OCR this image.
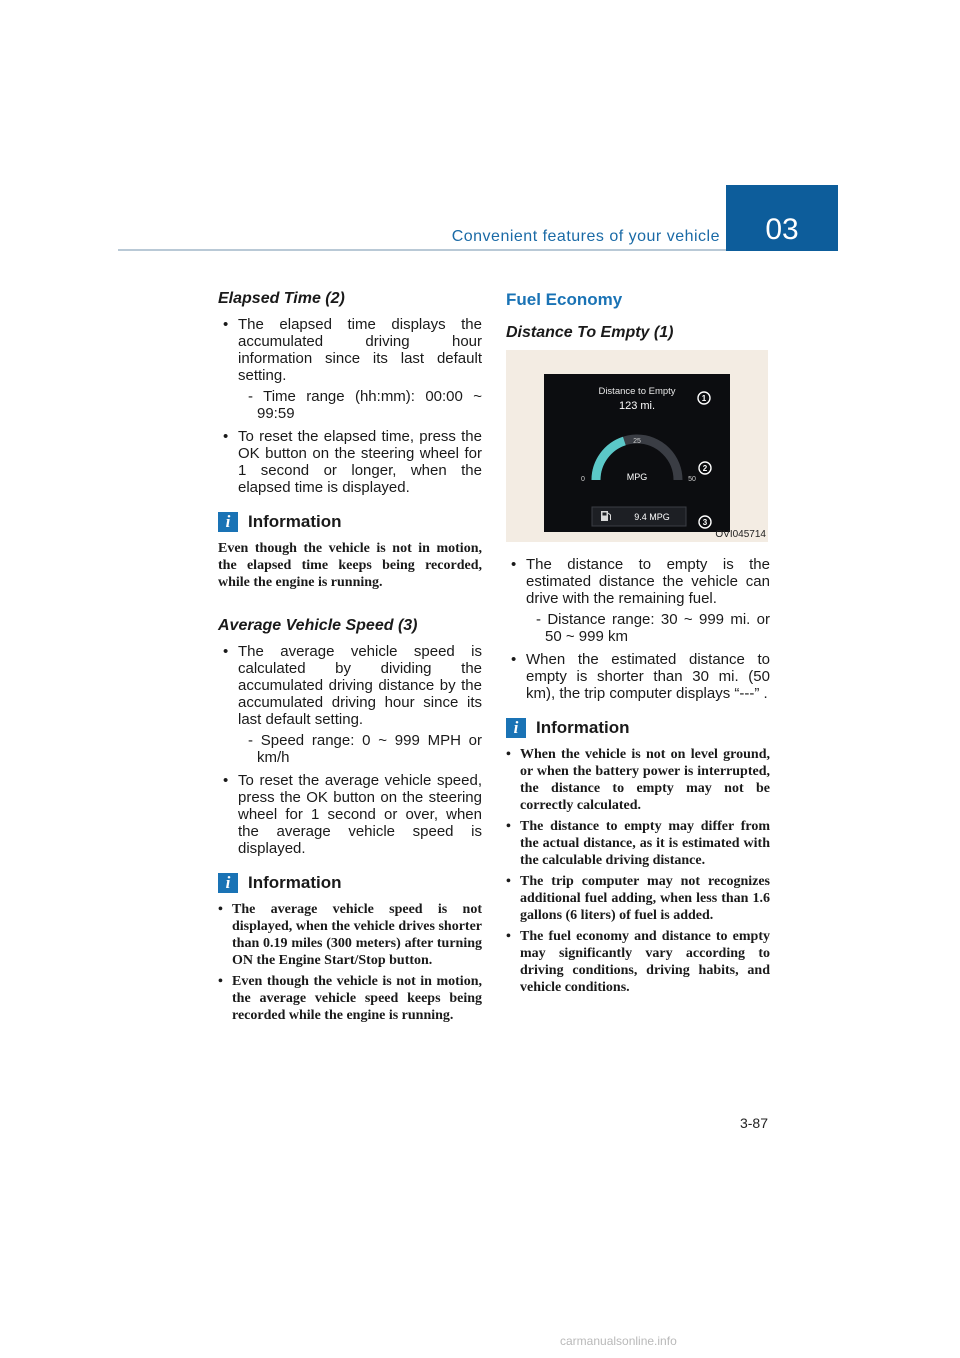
Convenient features of your vehicle	03
Elapsed Time (2)
• The elapsed time displays the accumulated driving hour information since its last default setting.
- Time range (hh:mm): 00:00 ~ 99:59
• To reset the elapsed time, press the OK button on the steering wheel for 1 second or longer, when the elapsed time is displayed.
i	Information

Even though the vehicle is not in motion, the elapsed time keeps being recorded, while the engine is running.

Average Vehicle Speed (3)
• The average vehicle speed is calculated by dividing the accumulated driving distance by the accumulated driving hour since its last default setting.
- Speed range: 0 ~ 999 MPH or km/h
• To reset the average vehicle speed, press the OK button on the steering wheel for 1 second or over, when the average vehicle speed is displayed.
i	Information
• The average vehicle speed is not displayed, when the vehicle drives shorter than 0.19 miles (300 meters) after turning ON the Engine Start/Stop button.
• Even though the vehicle is not in motion, the average vehicle speed keeps being recorded while the engine is running.
Fuel Economy
Distance To Empty (1)
Distance to Empty
123 mi.
25
0	50
MPG
9.4 MPG
1
2
3
OVI045714
• The distance to empty is the estimated distance the vehicle can drive with the remaining fuel.
- Distance range: 30 ~ 999 mi. or 50 ~ 999 km
• When the estimated distance to empty is shorter than 30 mi. (50 km), the trip computer displays “---” .
i	Information
• When the vehicle is not on level ground, or when the battery power is interrupted, the distance to empty may not be correctly calculated.
• The distance to empty may differ from the actual distance, as it is estimated with the calculable driving distance.
• The trip computer may not recognizes additional fuel adding, when less than 1.6 gallons (6 liters) of fuel is added.
• The fuel economy and distance to empty may significantly vary according to driving conditions, driving habits, and vehicle conditions.
3-87
carmanualsonline.info
